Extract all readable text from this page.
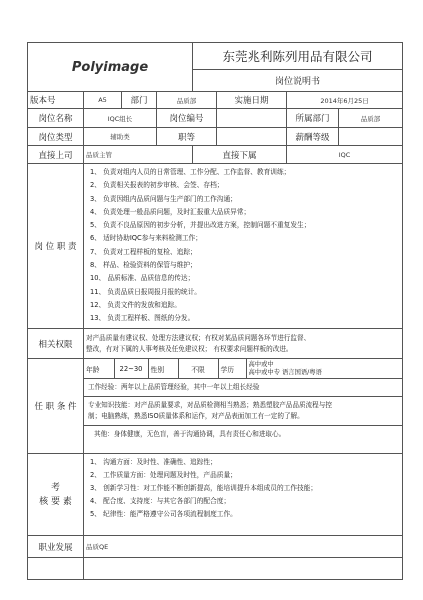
Polyimage	东莞兆利陈列用品有限公司
岗位说明书
版本号	A5	部门	品质部	实施日期	2014年6月25日
岗位名称	IQC组长	岗位编号		所属部门	品质部
岗位类型	辅助类	职等		薪酬等级	
直接上司	品质主管	直接下属	IQC
岗 位 职 责	
1、 负责对组内人员的日常管理、工作分配、工作监督、教育训练；
2、 负责相关报表的初步审核、会签、存档；
3、 负责因组内品质问题与生产部门的工作沟通；
4、 负责处理一般品质问题，及时汇报重大品质异常；
5、 负责不良品原因的初步分析，并提出改进方案，控制问题不重复发生；
6、 适时协助IQC参与来料检测工作；
7、 负责对工程样板的复检、追踪；
8、 样品、检验资料的保管与维护；
10、 品质标准、品质信息的传达；
11、 负责品质日报周报月报的统计。
12、 负责文件的发放和追踪。
13、 负责工程样板、图纸的分发。

相关权限	
对产品质量有建议权、处理方法建议权；有权对某品质问题各环节进行监督、
整改，有对下属的人事考核及任免建议权； 有权要求问题样板的改进。

任 职 条 件	
年龄	22~30	性别	不限	学历	
高中或中
高中或中专 语言国语/粤语
工作经验：两年以上品质管理经验，其中一年以上组长经验
专业知识技能：对产品质量要求，对品质检测相当熟悉；熟悉塑胶产品品质流程与控
制；电脑熟练，熟悉ISO质量体系和运作，对产品表面加工有一定的了解。
其他：身体健康，无色盲，善于沟通协调，具有责任心和进取心。

考
核 要 素

1、 沟通方面：及时性、准确性、追踪性；
2、 工作质量方面：处理问题及时性，产品质量；
3、 创新学习性：对工作能不断创新提高，能培训提升本组成员的工作技能；
4、 配合度、支持度：与其它各部门的配合度；
5、 纪律性：能严格遵守公司各项流程制度工作。

职业发展	品质QE
